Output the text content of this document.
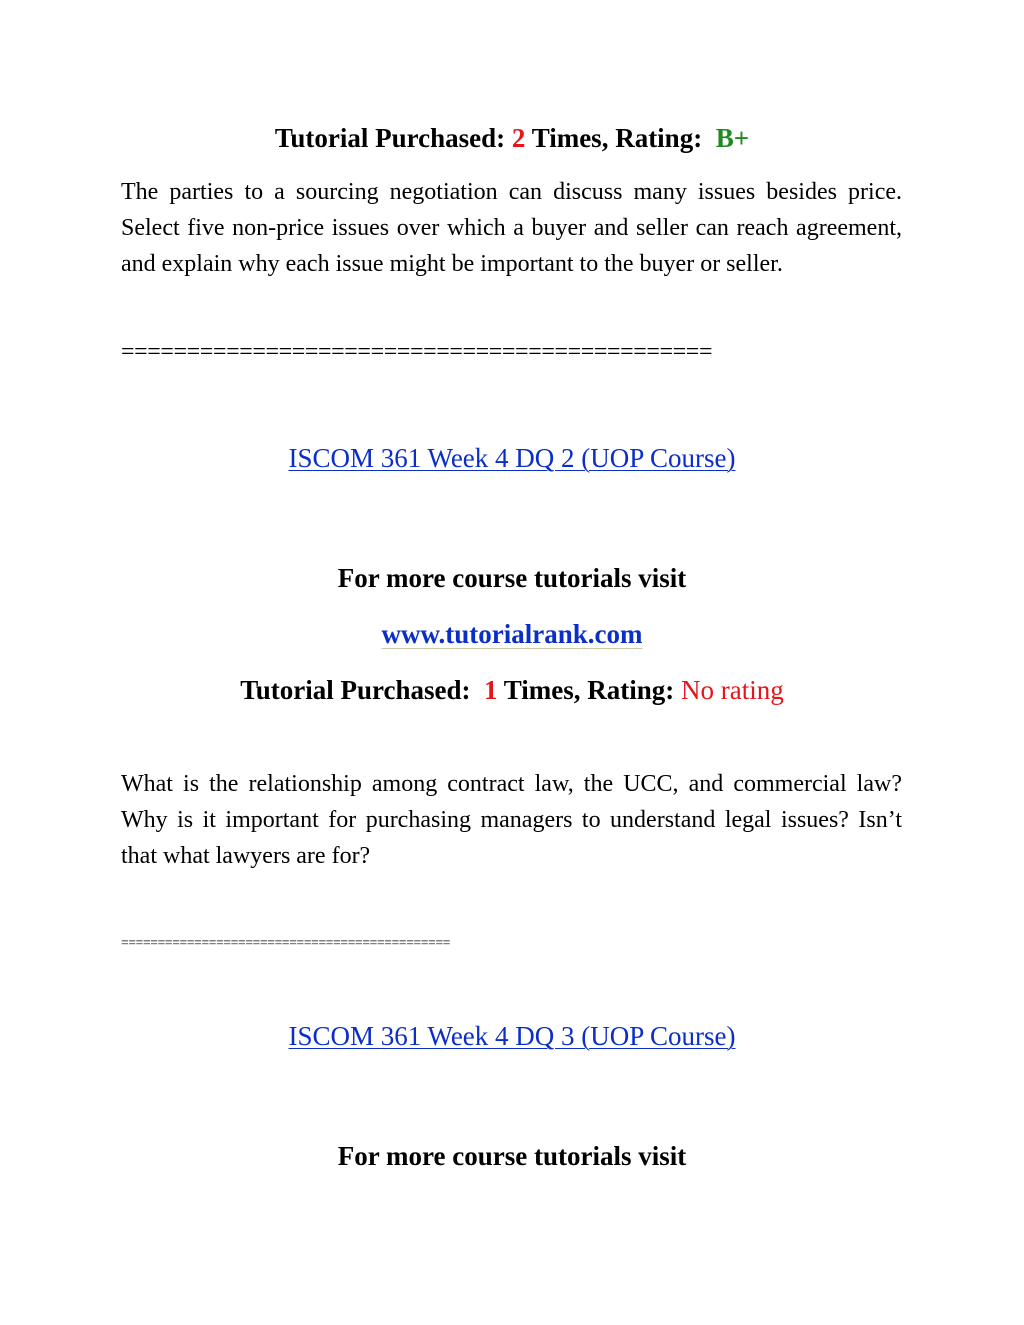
Tutorial Purchased: 2 Times, Rating: B+

The parties to a sourcing negotiation can discuss many issues besides price. Select five non-price issues over which a buyer and seller can reach agreement, and explain why each issue might be important to the buyer or seller.

=============================================
ISCOM 361 Week 4 DQ 2 (UOP Course)
For more course tutorials visit
www.tutorialrank.com
Tutorial Purchased: 1 Times, Rating: No rating

What is the relationship among contract law, the UCC, and commercial law? Why is it important for purchasing managers to understand legal issues? Isn’t that what lawyers are for?

=============================================
ISCOM 361 Week 4 DQ 3 (UOP Course)
For more course tutorials visit
